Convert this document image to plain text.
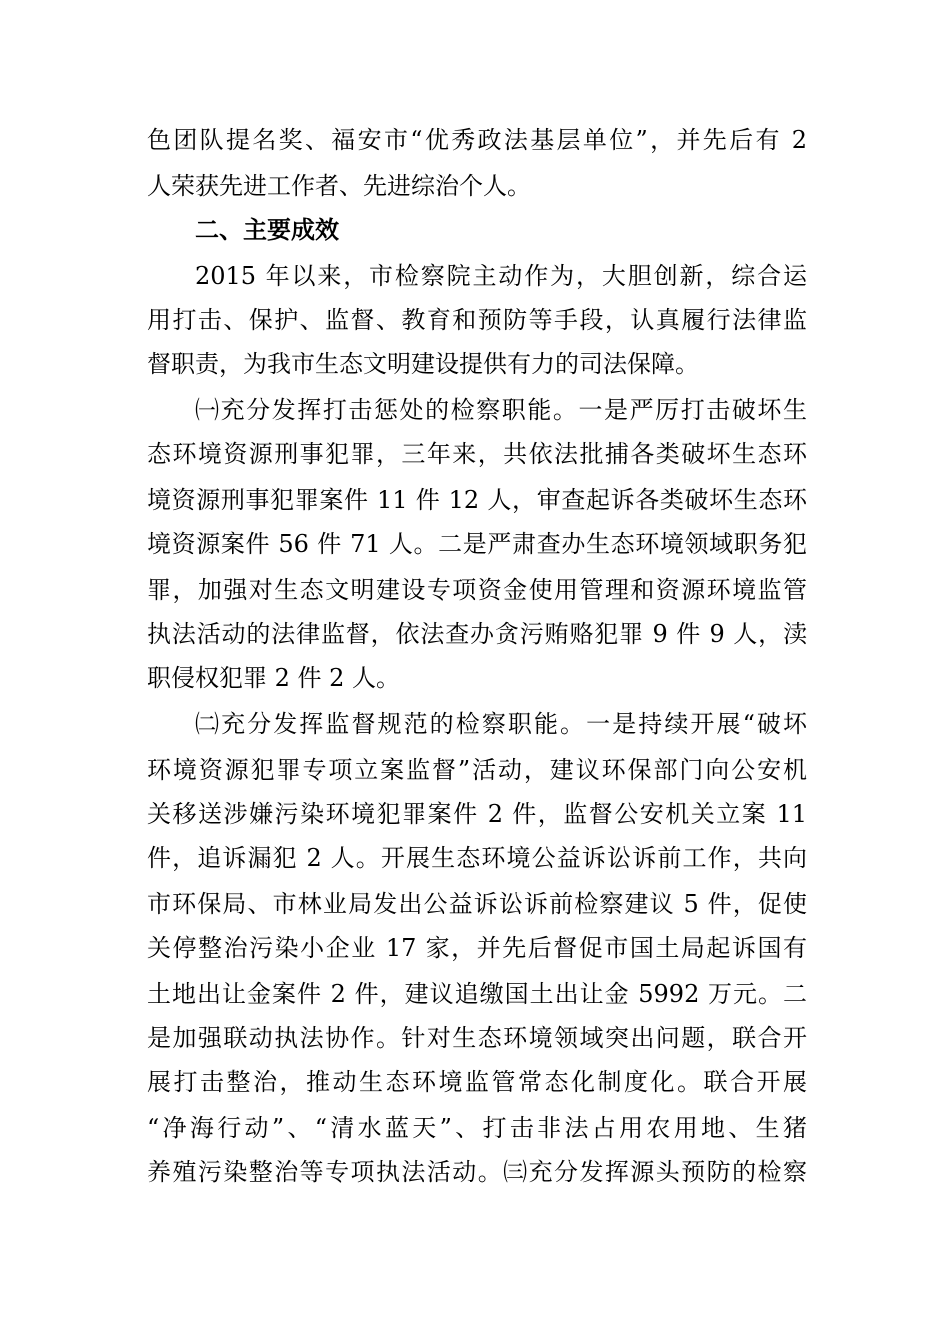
色团队提名奖、福安市“优秀政法基层单位”，并先后有 2
人荣获先进工作者、先进综治个人。
二、主要成效
2015 年以来，市检察院主动作为，大胆创新，综合运
用打击、保护、监督、教育和预防等手段，认真履行法律监
督职责，为我市生态文明建设提供有力的司法保障。
㈠充分发挥打击惩处的检察职能。一是严厉打击破坏生
态环境资源刑事犯罪，三年来，共依法批捕各类破坏生态环
境资源刑事犯罪案件 11 件 12 人，审查起诉各类破坏生态环
境资源案件 56 件 71 人。二是严肃查办生态环境领域职务犯
罪，加强对生态文明建设专项资金使用管理和资源环境监管
执法活动的法律监督，依法查办贪污贿赂犯罪 9 件 9 人，渎
职侵权犯罪 2 件 2 人。
㈡充分发挥监督规范的检察职能。一是持续开展“破坏
环境资源犯罪专项立案监督”活动，建议环保部门向公安机
关移送涉嫌污染环境犯罪案件 2 件，监督公安机关立案 11
件，追诉漏犯 2 人。开展生态环境公益诉讼诉前工作，共向
市环保局、市林业局发出公益诉讼诉前检察建议 5 件，促使
关停整治污染小企业 17 家，并先后督促市国土局起诉国有
土地出让金案件 2 件，建议追缴国土出让金 5992 万元。二
是加强联动执法协作。针对生态环境领域突出问题，联合开
展打击整治，推动生态环境监管常态化制度化。联合开展
“净海行动”、“清水蓝天”、打击非法占用农用地、生猪
养殖污染整治等专项执法活动。㈢充分发挥源头预防的检察
